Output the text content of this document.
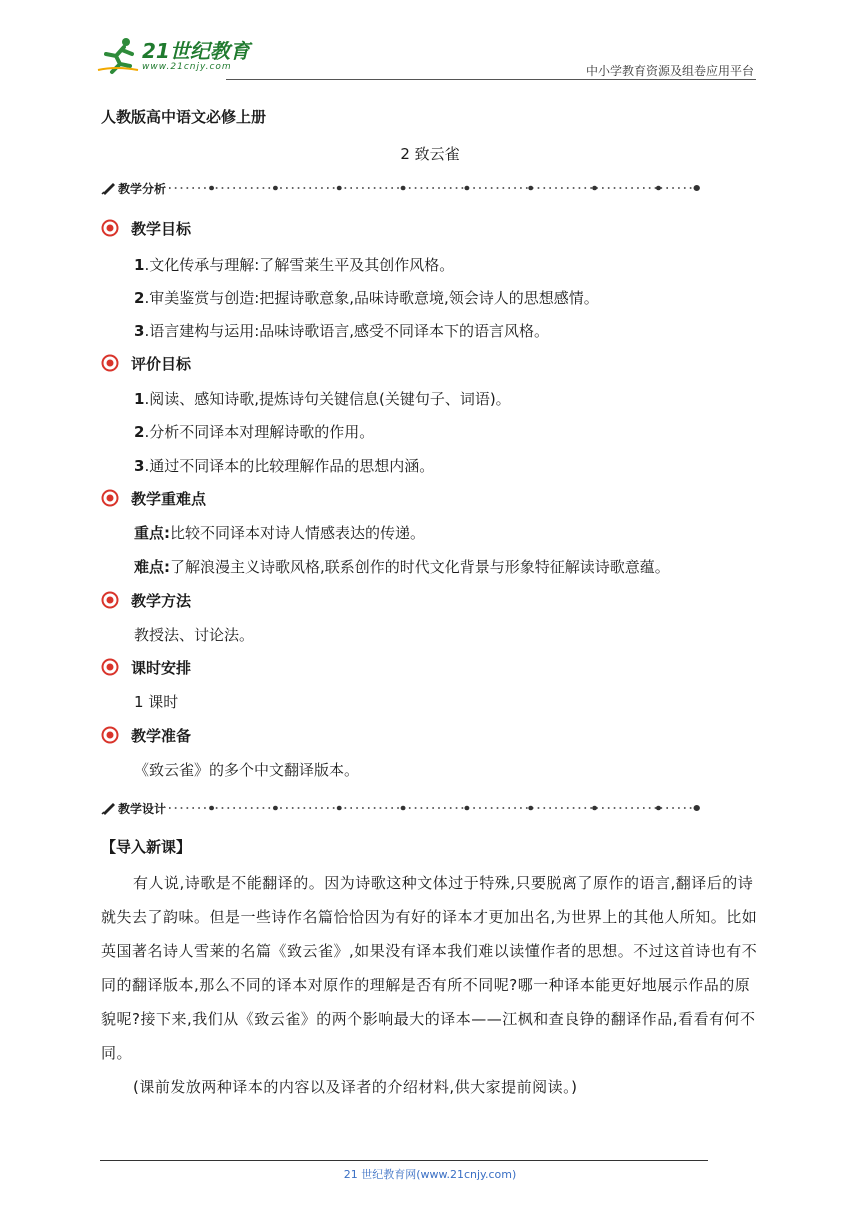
21世纪教育
www.21cnjy.com	中小学教育资源及组卷应用平台
人教版高中语文必修上册
2 致云雀
教学分析
教学目标
1.文化传承与理解:了解雪莱生平及其创作风格。
2.审美鉴赏与创造:把握诗歌意象,品味诗歌意境,领会诗人的思想感情。
3.语言建构与运用:品味诗歌语言,感受不同译本下的语言风格。
评价目标
1.阅读、感知诗歌,提炼诗句关键信息(关键句子、词语)。
2.分析不同译本对理解诗歌的作用。
3.通过不同译本的比较理解作品的思想内涵。
教学重难点
重点:比较不同译本对诗人情感表达的传递。
难点:了解浪漫主义诗歌风格,联系创作的时代文化背景与形象特征解读诗歌意蕴。
教学方法
教授法、讨论法。
课时安排
1 课时
教学准备
《致云雀》的多个中文翻译版本。
教学设计
【导入新课】
有人说,诗歌是不能翻译的。因为诗歌这种文体过于特殊,只要脱离了原作的语言,翻译后的诗就失去了韵味。但是一些诗作名篇恰恰因为有好的译本才更加出名,为世界上的其他人所知。比如英国著名诗人雪莱的名篇《致云雀》,如果没有译本我们难以读懂作者的思想。不过这首诗也有不同的翻译版本,那么不同的译本对原作的理解是否有所不同呢?哪一种译本能更好地展示作品的原貌呢?接下来,我们从《致云雀》的两个影响最大的译本——江枫和查良铮的翻译作品,看看有何不同。
(课前发放两种译本的内容以及译者的介绍材料,供大家提前阅读。)
21 世纪教育网(www.21cnjy.com)
